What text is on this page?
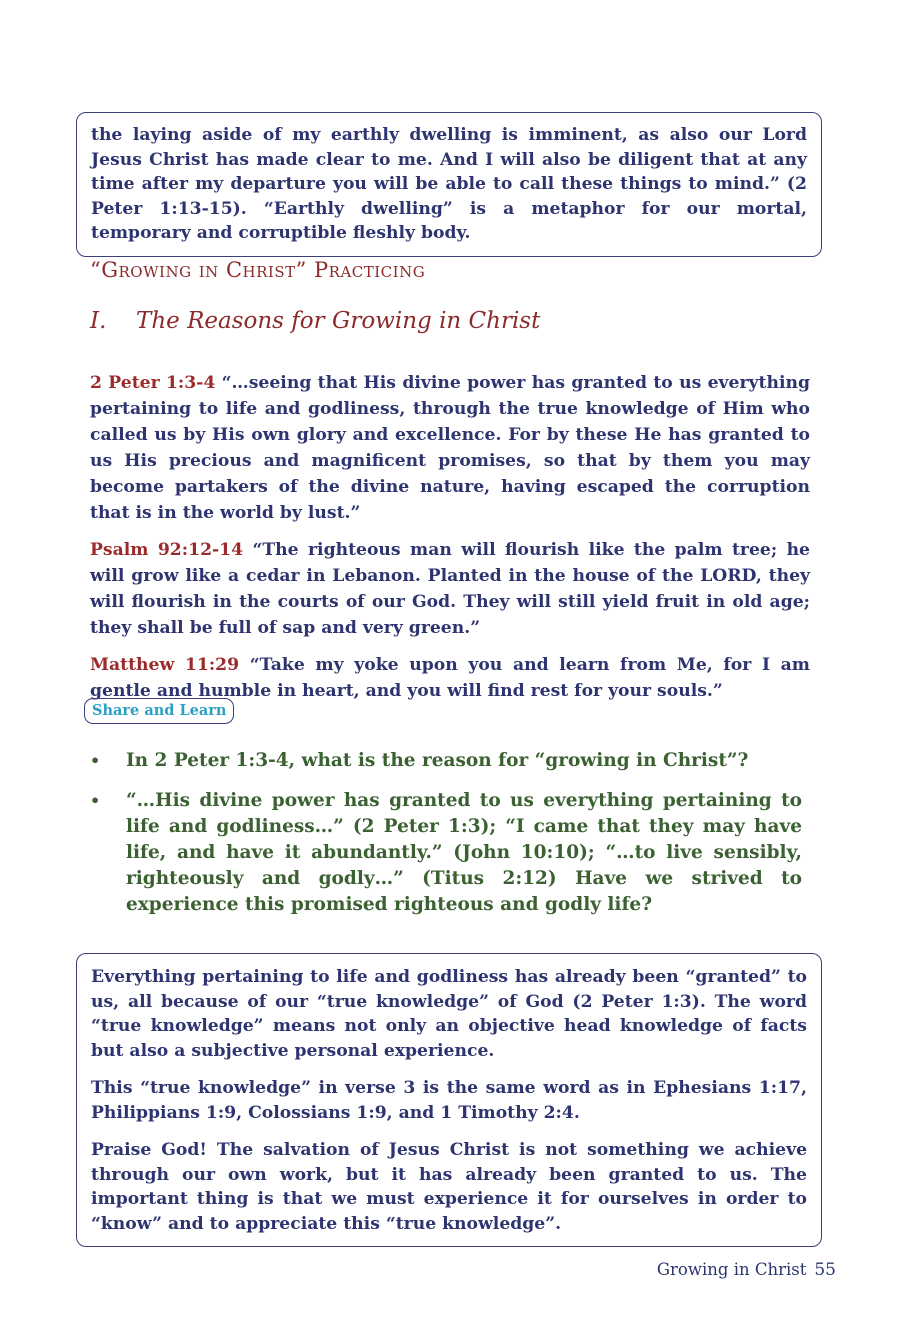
the laying aside of my earthly dwelling is imminent, as also our Lord Jesus Christ has made clear to me. And I will also be diligent that at any time after my departure you will be able to call these things to mind.” (2 Peter 1:13-15). “Earthly dwelling” is a metaphor for our mortal, temporary and corruptible fleshly body.

“Growing in Christ” Practicing
I. The Reasons for Growing in Christ

2 Peter 1:3-4 “…seeing that His divine power has granted to us everything pertaining to life and godliness, through the true knowledge of Him who called us by His own glory and excellence. For by these He has granted to us His precious and magnificent promises, so that by them you may become partakers of the divine nature, having escaped the corruption that is in the world by lust.”

Psalm 92:12-14 “The righteous man will flourish like the palm tree; he will grow like a cedar in Lebanon. Planted in the house of the LORD, they will flourish in the courts of our God. They will still yield fruit in old age; they shall be full of sap and very green.”

Matthew 11:29 “Take my yoke upon you and learn from Me, for I am gentle and humble in heart, and you will find rest for your souls.”

Share and Learn
• In 2 Peter 1:3-4, what is the reason for “growing in Christ”?
• “…His divine power has granted to us everything pertaining to life and godliness…” (2 Peter 1:3); “I came that they may have life, and have it abundantly.” (John 10:10); “…to live sensibly, righteously and godly…” (Titus 2:12) Have we strived to experience this promised righteous and godly life?

Everything pertaining to life and godliness has already been “granted” to us, all because of our “true knowledge” of God (2 Peter 1:3). The word “true knowledge” means not only an objective head knowledge of facts but also a subjective personal experience.

This “true knowledge” in verse 3 is the same word as in Ephesians 1:17, Philippians 1:9, Colossians 1:9, and 1 Timothy 2:4.

Praise God! The salvation of Jesus Christ is not something we achieve through our own work, but it has already been granted to us. The important thing is that we must experience it for ourselves in order to “know” and to appreciate this “true knowledge”.

Growing in Christ 55
